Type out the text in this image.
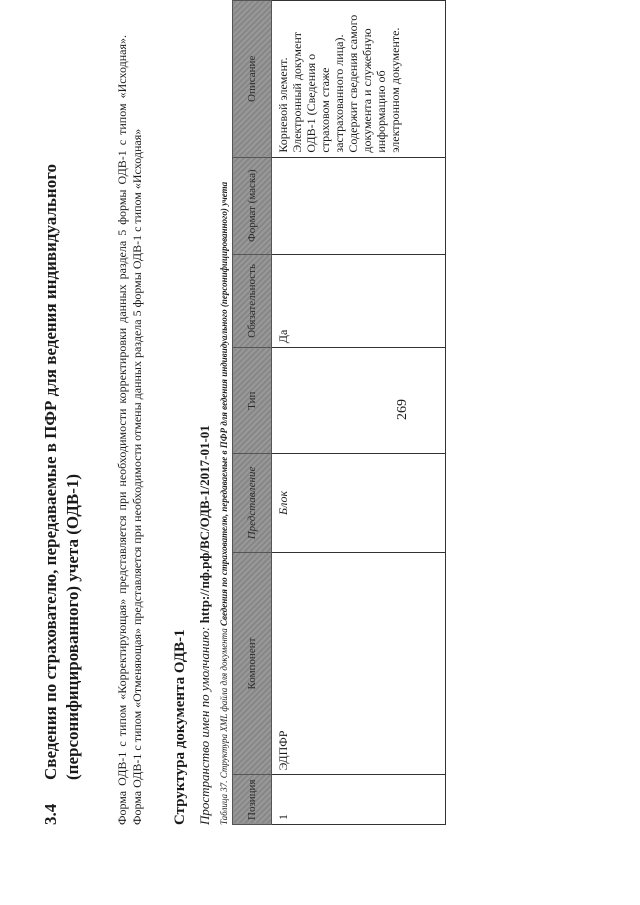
269
3.4
Сведения по страхователю, передаваемые в ПФР для ведения индивидуального (персонифицированного) учета (ОДВ-1)	Форма ОДВ-1 с типом «Корректирующая» представляется при необходимости корректировки данных раздела 5 формы ОДВ-1 с типом «Исходная». Форма ОДВ-1 с типом «Отменяющая» представляется при необходимости отмены данных раздела 5 формы ОДВ-1 с типом «Исходная» Структура документа ОДВ-1 Пространство имен по умолчанию: http://пф.рф/ВС/ОДВ-1/2017-01-01
Таблица 37. Структура XML файла для документа Сведения по страхователю, передаваемые в ПФР для ведения индивидуального (персонифицированного) учета
Позиция	Компонент	Представление	Тип	Обязательность	Формат (маска)	Описание
1	ЭДПФР	Блок		Да		Корневой элемент. Электронный документ ОДВ-1 (Сведения о страховом стаже застрахованного лица). Содержит сведения самого документа и служебную информацию об электронном документе.
